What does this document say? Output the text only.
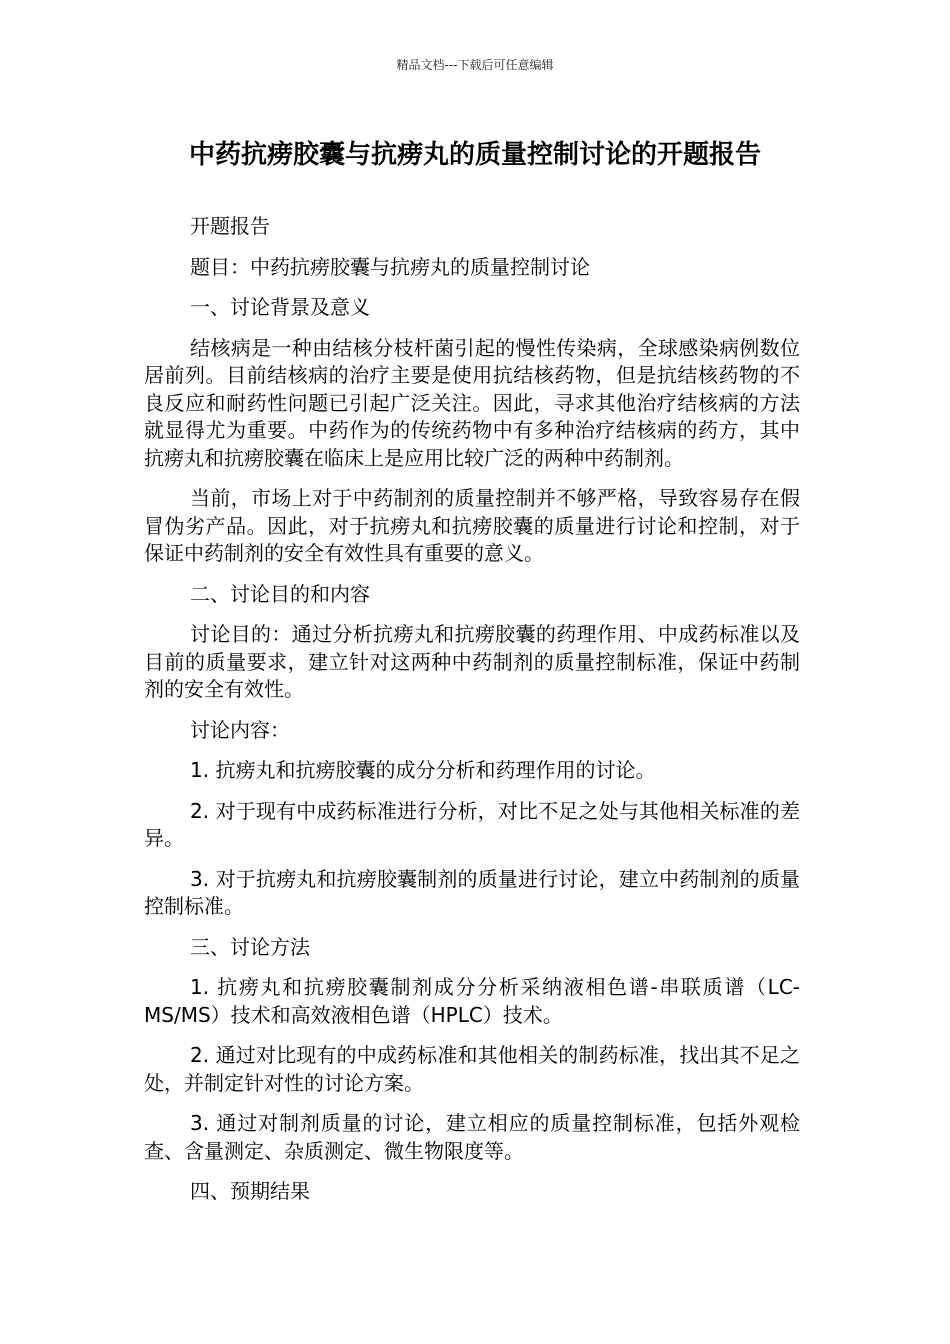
精品文档---下载后可任意编辑
中药抗痨胶囊与抗痨丸的质量控制讨论的开题报告

开题报告

题目：中药抗痨胶囊与抗痨丸的质量控制讨论

一、讨论背景及意义

结核病是一种由结核分枝杆菌引起的慢性传染病，全球感染病例数位居前列。目前结核病的治疗主要是使用抗结核药物，但是抗结核药物的不良反应和耐药性问题已引起广泛关注。因此，寻求其他治疗结核病的方法就显得尤为重要。中药作为的传统药物中有多种治疗结核病的药方，其中抗痨丸和抗痨胶囊在临床上是应用比较广泛的两种中药制剂。

当前，市场上对于中药制剂的质量控制并不够严格，导致容易存在假冒伪劣产品。因此，对于抗痨丸和抗痨胶囊的质量进行讨论和控制，对于保证中药制剂的安全有效性具有重要的意义。

二、讨论目的和内容

讨论目的：通过分析抗痨丸和抗痨胶囊的药理作用、中成药标准以及目前的质量要求，建立针对这两种中药制剂的质量控制标准，保证中药制剂的安全有效性。

讨论内容：

1. 抗痨丸和抗痨胶囊的成分分析和药理作用的讨论。

2. 对于现有中成药标准进行分析，对比不足之处与其他相关标准的差异。

3. 对于抗痨丸和抗痨胶囊制剂的质量进行讨论，建立中药制剂的质量控制标准。

三、讨论方法

1. 抗痨丸和抗痨胶囊制剂成分分析采纳液相色谱-串联质谱（LC-MS/MS）技术和高效液相色谱（HPLC）技术。

2. 通过对比现有的中成药标准和其他相关的制药标准，找出其不足之处，并制定针对性的讨论方案。

3. 通过对制剂质量的讨论，建立相应的质量控制标准，包括外观检查、含量测定、杂质测定、微生物限度等。

四、预期结果
